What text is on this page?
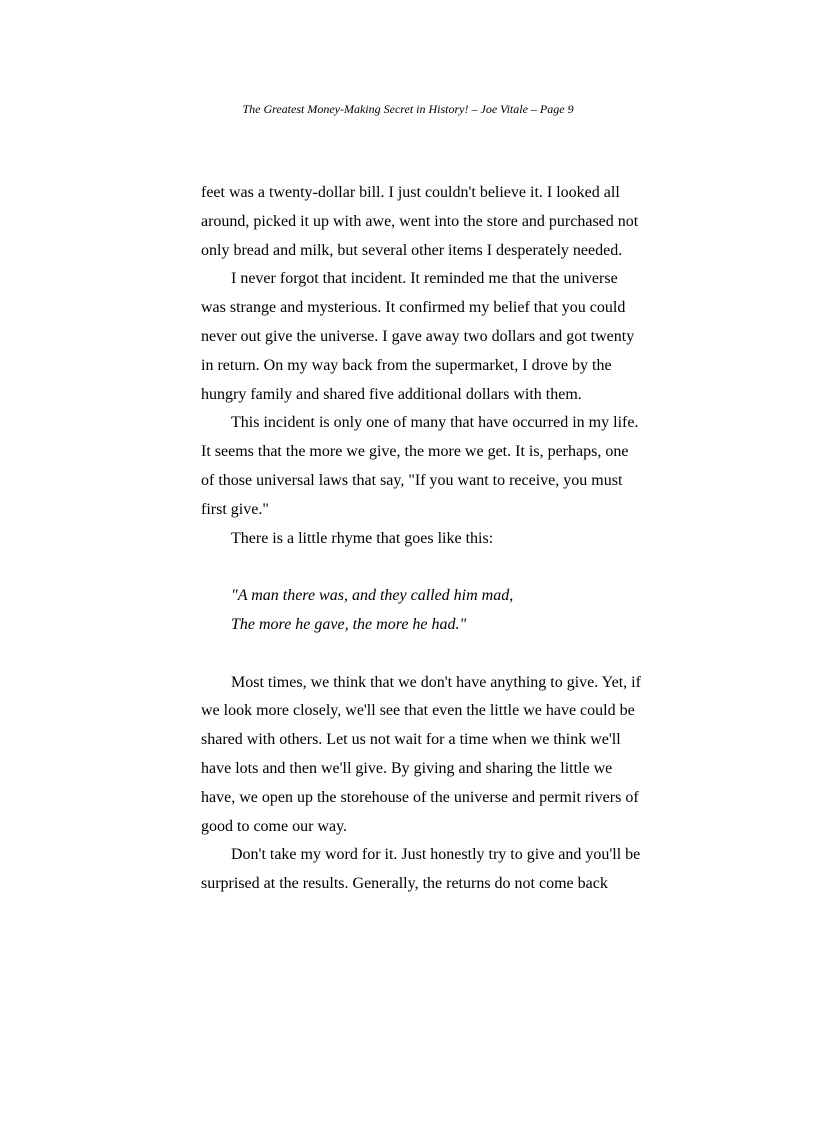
The Greatest Money-Making Secret in History! – Joe Vitale – Page 9
feet was a twenty-dollar bill. I just couldn't believe it. I looked all
around, picked it up with awe, went into the store and purchased not
only bread and milk, but several other items I desperately needed.
I never forgot that incident. It reminded me that the universe
was strange and mysterious. It confirmed my belief that you could
never out give the universe. I gave away two dollars and got twenty
in return. On my way back from the supermarket, I drove by the
hungry family and shared five additional dollars with them.
This incident is only one of many that have occurred in my life.
It seems that the more we give, the more we get. It is, perhaps, one
of those universal laws that say, "If you want to receive, you must
first give."
There is a little rhyme that goes like this:
"A man there was, and they called him mad,
The more he gave, the more he had."
Most times, we think that we don't have anything to give. Yet, if
we look more closely, we'll see that even the little we have could be
shared with others. Let us not wait for a time when we think we'll
have lots and then we'll give. By giving and sharing the little we
have, we open up the storehouse of the universe and permit rivers of
good to come our way.
Don't take my word for it. Just honestly try to give and you'll be
surprised at the results. Generally, the returns do not come back
